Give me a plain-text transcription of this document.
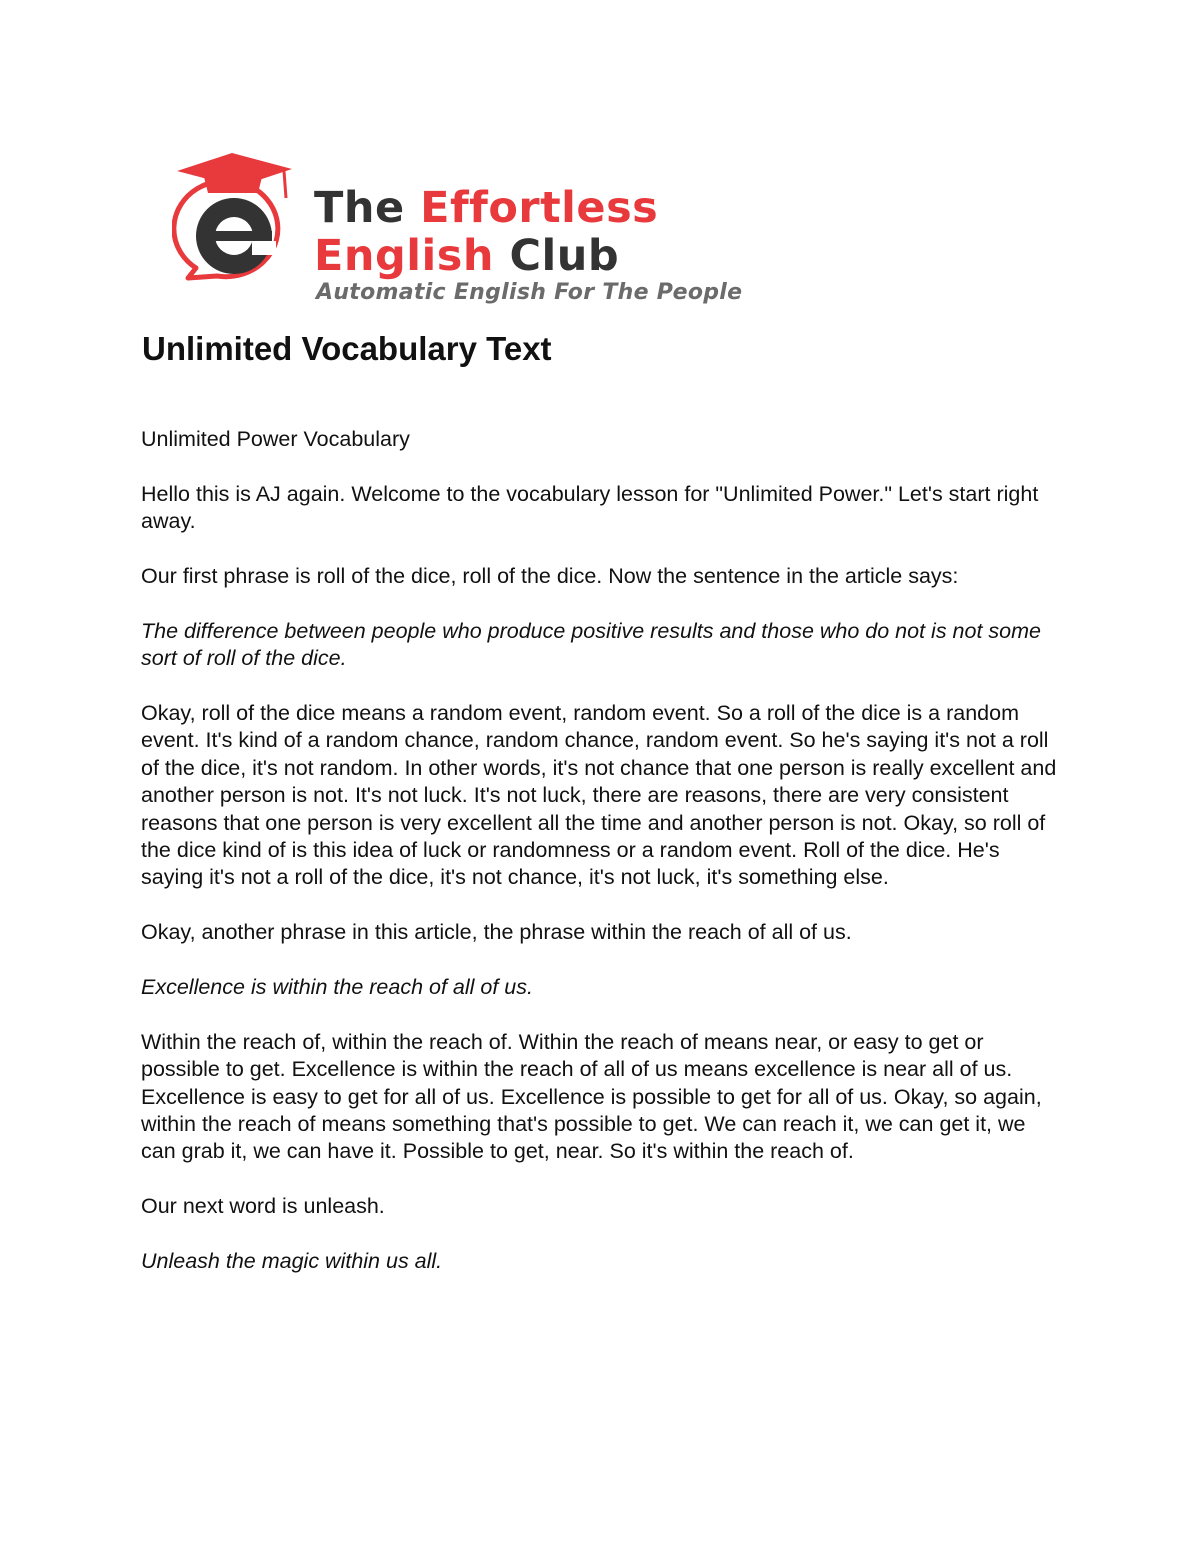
The Effortless
English Club
Automatic English For The People
Unlimited Vocabulary Text

Unlimited Power Vocabulary

Hello this is AJ again. Welcome to the vocabulary lesson for "Unlimited Power." Let's start right away.

Our first phrase is roll of the dice, roll of the dice. Now the sentence in the article says:

The difference between people who produce positive results and those who do not is not some sort of roll of the dice.

Okay, roll of the dice means a random event, random event. So a roll of the dice is a random event. It's kind of a random chance, random chance, random event. So he's saying it's not a roll of the dice, it's not random. In other words, it's not chance that one person is really excellent and another person is not. It's not luck. It's not luck, there are reasons, there are very consistent reasons that one person is very excellent all the time and another person is not. Okay, so roll of the dice kind of is this idea of luck or randomness or a random event. Roll of the dice. He's saying it's not a roll of the dice, it's not chance, it's not luck, it's something else.

Okay, another phrase in this article, the phrase within the reach of all of us.

Excellence is within the reach of all of us.

Within the reach of, within the reach of. Within the reach of means near, or easy to get or possible to get. Excellence is within the reach of all of us means excellence is near all of us. Excellence is easy to get for all of us. Excellence is possible to get for all of us. Okay, so again, within the reach of means something that's possible to get. We can reach it, we can get it, we can grab it, we can have it. Possible to get, near. So it's within the reach of.

Our next word is unleash.

Unleash the magic within us all.
